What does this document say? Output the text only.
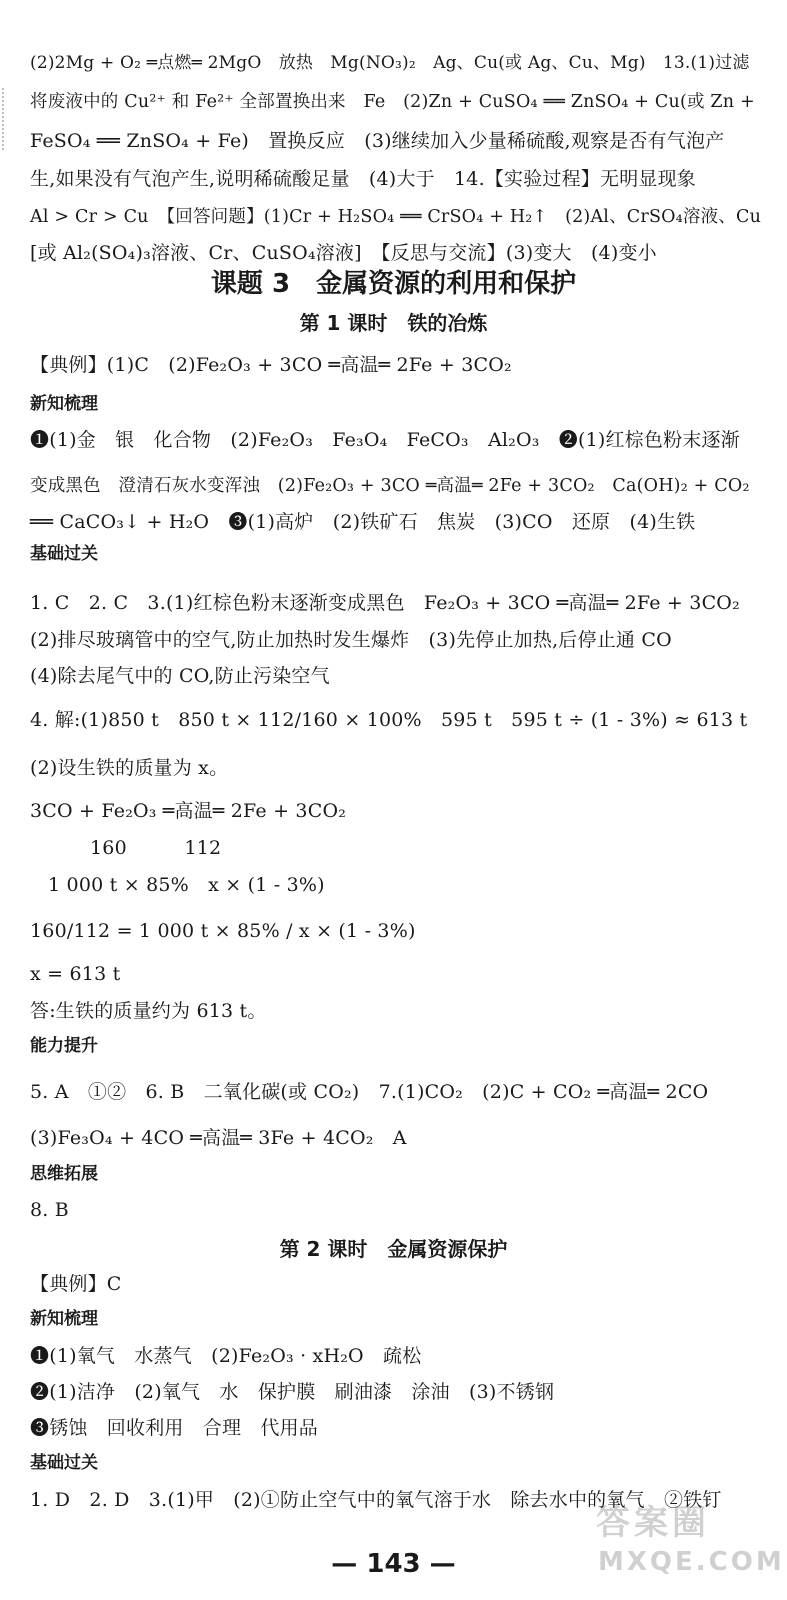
(2)2Mg + O₂ ═点燃═ 2MgO　放热　Mg(NO₃)₂　Ag、Cu(或 Ag、Cu、Mg)　13.(1)过滤
将废液中的 Cu²⁺ 和 Fe²⁺ 全部置换出来　Fe　(2)Zn + CuSO₄ ══ ZnSO₄ + Cu(或 Zn +
FeSO₄ ══ ZnSO₄ + Fe)　置换反应　(3)继续加入少量稀硫酸,观察是否有气泡产
生,如果没有气泡产生,说明稀硫酸足量　(4)大于　14.【实验过程】无明显现象
Al > Cr > Cu　【回答问题】(1)Cr + H₂SO₄ ══ CrSO₄ + H₂↑　(2)Al、CrSO₄溶液、Cu
[或 Al₂(SO₄)₃溶液、Cr、CuSO₄溶液]　【反思与交流】(3)变大　(4)变小
课题 3　金属资源的利用和保护
第 1 课时　铁的冶炼
【典例】(1)C　(2)Fe₂O₃ + 3CO ═高温═ 2Fe + 3CO₂
新知梳理
❶(1)金　银　化合物　(2)Fe₂O₃　Fe₃O₄　FeCO₃　Al₂O₃　❷(1)红棕色粉末逐渐
变成黑色　澄清石灰水变浑浊　(2)Fe₂O₃ + 3CO ═高温═ 2Fe + 3CO₂　Ca(OH)₂ + CO₂
══ CaCO₃↓ + H₂O　❸(1)高炉　(2)铁矿石　焦炭　(3)CO　还原　(4)生铁
基础过关
1. C　2. C　3.(1)红棕色粉末逐渐变成黑色　Fe₂O₃ + 3CO ═高温═ 2Fe + 3CO₂
(2)排尽玻璃管中的空气,防止加热时发生爆炸　(3)先停止加热,后停止通 CO
(4)除去尾气中的 CO,防止污染空气
4. 解:(1)850 t　850 t × 112/160 × 100%　595 t　595 t ÷ (1 - 3%) ≈ 613 t
(2)设生铁的质量为 x。
3CO + Fe₂O₃ ═高温═ 2Fe + 3CO₂
160　　　112
1 000 t × 85%　x × (1 - 3%)
160/112 = 1 000 t × 85% / x × (1 - 3%)
x = 613 t
答:生铁的质量约为 613 t。
能力提升
5. A　①②　6. B　二氧化碳(或 CO₂)　7.(1)CO₂　(2)C + CO₂ ═高温═ 2CO
(3)Fe₃O₄ + 4CO ═高温═ 3Fe + 4CO₂　A
思维拓展
8. B
第 2 课时　金属资源保护
【典例】C
新知梳理
❶(1)氧气　水蒸气　(2)Fe₂O₃ · xH₂O　疏松
❷(1)洁净　(2)氧气　水　保护膜　刷油漆　涂油　(3)不锈钢
❸锈蚀　回收利用　合理　代用品
基础过关
1. D　2. D　3.(1)甲　(2)①防止空气中的氧气溶于水　除去水中的氧气　②铁钉
— 143 —
答案圈
MXQE.COM
